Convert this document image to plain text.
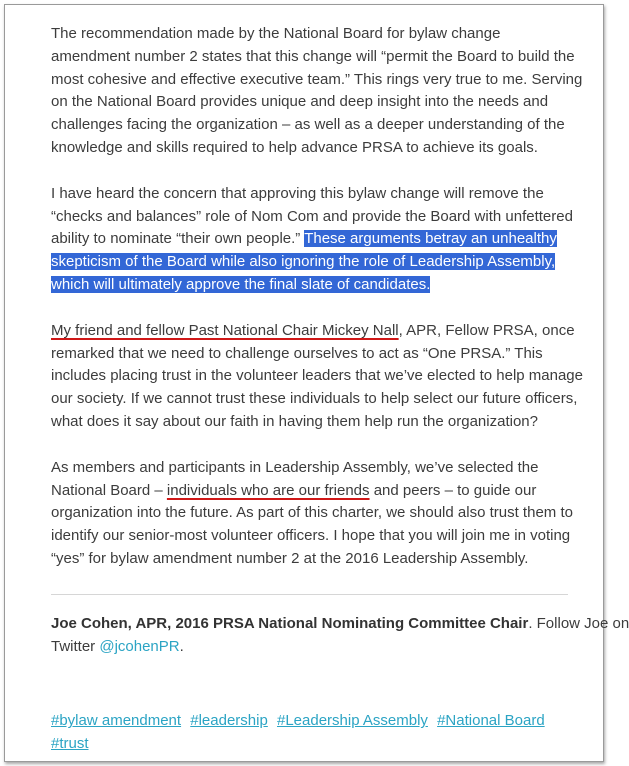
The recommendation made by the National Board for bylaw change
amendment number 2 states that this change will “permit the Board to build the
most cohesive and effective executive team.” This rings very true to me. Serving
on the National Board provides unique and deep insight into the needs and
challenges facing the organization – as well as a deeper understanding of the
knowledge and skills required to help advance PRSA to achieve its goals.

I have heard the concern that approving this bylaw change will remove the
“checks and balances” role of Nom Com and provide the Board with unfettered
ability to nominate “their own people.” These arguments betray an unhealthy
skepticism of the Board while also ignoring the role of Leadership Assembly,
which will ultimately approve the final slate of candidates.

My friend and fellow Past National Chair Mickey Nall, APR, Fellow PRSA, once
remarked that we need to challenge ourselves to act as “One PRSA.” This
includes placing trust in the volunteer leaders that we’ve elected to help manage
our society. If we cannot trust these individuals to help select our future officers,
what does it say about our faith in having them help run the organization?

As members and participants in Leadership Assembly, we’ve selected the
National Board – individuals who are our friends and peers – to guide our
organization into the future. As part of this charter, we should also trust them to
identify our senior-most volunteer officers. I hope that you will join me in voting
“yes” for bylaw amendment number 2 at the 2016 Leadership Assembly.

Joe Cohen, APR, 2016 PRSA National Nominating Committee Chair. Follow Joe on
Twitter @jcohenPR.

#bylaw amendment #leadership #Leadership Assembly #National Board
#trust
